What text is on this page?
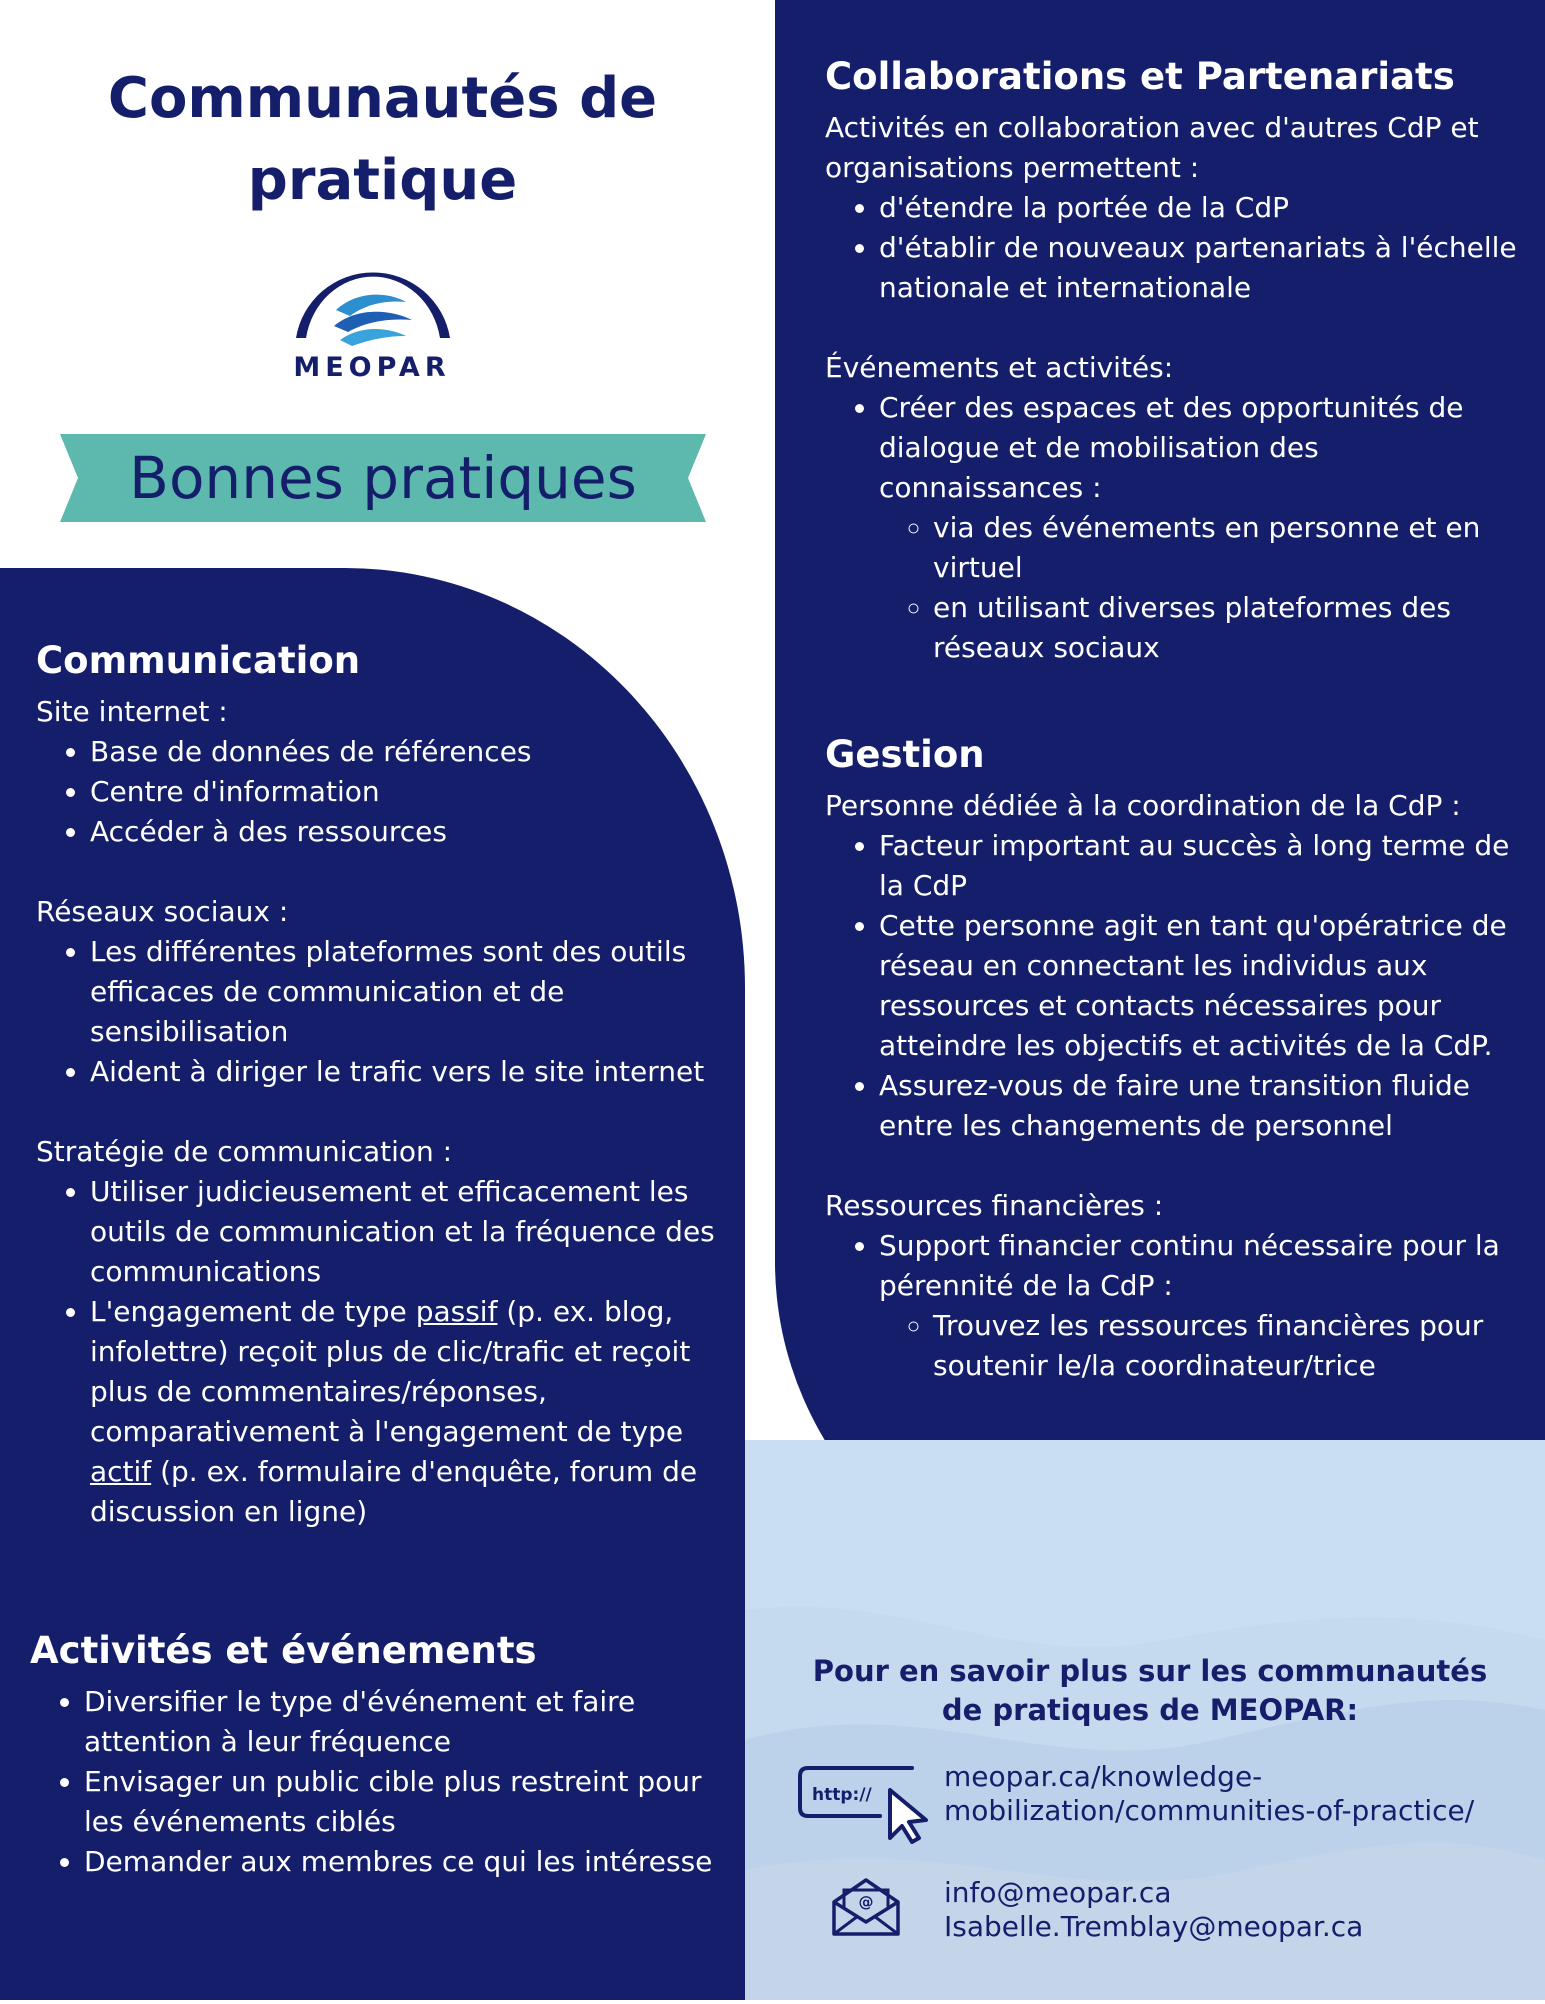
Communautés de
pratique
MEOPAR
Bonnes pratiques
Communication
Site internet :
• Base de données de références
• Centre d'information
• Accéder à des ressources
Réseaux sociaux :
• Les différentes plateformes sont des outils efficaces de communication et de sensibilisation
• Aident à diriger le trafic vers le site internet
Stratégie de communication :
• Utiliser judicieusement et efficacement les outils de communication et la fréquence des communications
• L'engagement de type passif (p. ex. blog, infolettre) reçoit plus de clic/trafic et reçoit plus de commentaires/réponses, comparativement à l'engagement de type actif (p. ex. formulaire d'enquête, forum de discussion en ligne)
Activités et événements
• Diversifier le type d'événement et faire attention à leur fréquence
• Envisager un public cible plus restreint pour les événements ciblés
• Demander aux membres ce qui les intéresse
Collaborations et Partenariats
Activités en collaboration avec d'autres CdP et organisations permettent :
• d'étendre la portée de la CdP
• d'établir de nouveaux partenariats à l'échelle nationale et internationale
Événements et activités:
• Créer des espaces et des opportunités de dialogue et de mobilisation des connaissances :
◦ via des événements en personne et en virtuel
◦ en utilisant diverses plateformes des réseaux sociaux
Gestion
Personne dédiée à la coordination de la CdP :
• Facteur important au succès à long terme de la CdP
• Cette personne agit en tant qu'opératrice de réseau en connectant les individus aux ressources et contacts nécessaires pour atteindre les objectifs et activités de la CdP.
• Assurez-vous de faire une transition fluide entre les changements de personnel
Ressources financières :
• Support financier continu nécessaire pour la pérennité de la CdP :
◦ Trouvez les ressources financières pour soutenir le/la coordinateur/trice
Pour en savoir plus sur les communautés de pratiques de MEOPAR:
http://
meopar.ca/knowledge-
mobilization/communities-of-practice/
@	info@meopar.ca
Isabelle.Tremblay@meopar.ca
